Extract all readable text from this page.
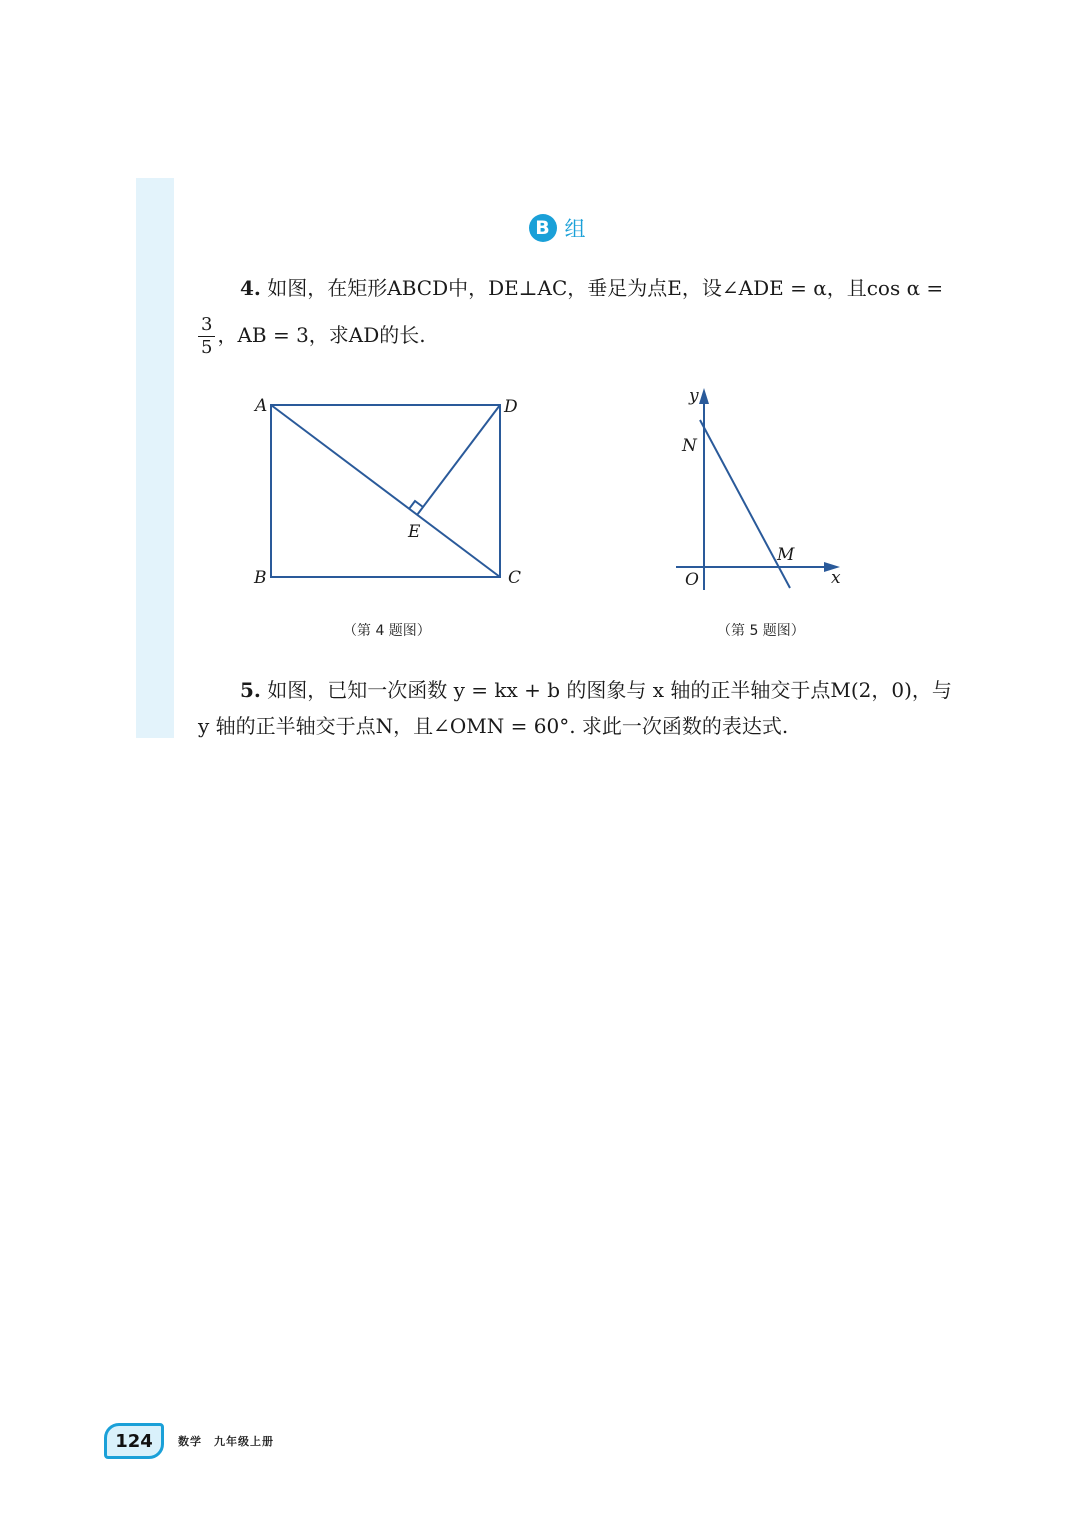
B 组
4. 如图，在矩形ABCD中，DE⊥AC，垂足为点E，设∠ADE = α，且cos α =
$\frac{3}{5}$ ，AB = 3，求AD的长.
A	D
E
B	C
（第 4 题图）
y
N
M
O	x
（第 5 题图）
5. 如图，已知一次函数 y = kx + b 的图象与 x 轴的正半轴交于点M(2，0)，与
y 轴的正半轴交于点N，且∠OMN = 60°. 求此一次函数的表达式.
124	数学　九年级上册
